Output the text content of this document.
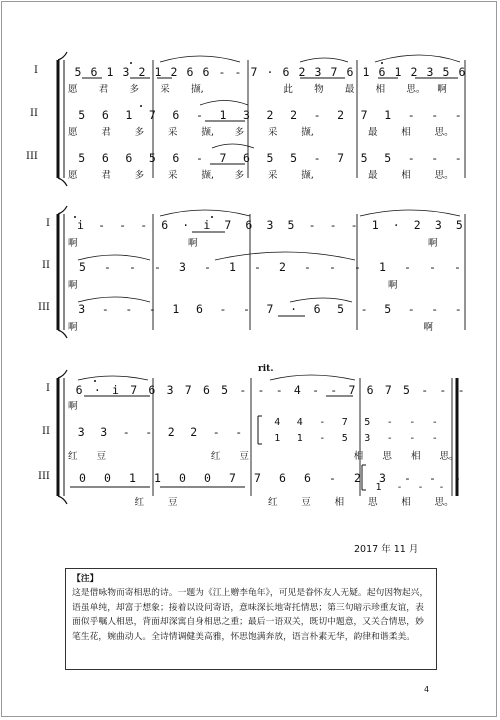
I
II
III
5 6 1 3 2 1 2 6 6 - - 7 · 6 2 3 7 6 1 6 1 2 3 5 6
愿	君	多	采	撷,	此	物	最	相	思。	啊
5	6	1	7	6	-	1	3	2	2	-	2	7	1	-	-	-
愿	君	多	采	撷,	多	采	撷,	最	相	思。
5	6	6	5	6	-	7	6	5	5	-	7	5	5	-	-	-
愿	君	多	采	撷,	多	采	撷,	最	相	思。
I
II
III
i	-	-	-	6	·	i	7	6	3	5	-	-	-	1	·	2	3	5
啊	啊	啊
5	-	-	-	3	-	1	-	2	-	-	-	1	-	-	-
啊	啊
3	-	-	-	1	6	-	-	7	·	6	5	-	5	-	-	-
啊	啊
rit.
I
II
III
6 · i 7 6 3 7 6 5 - - - 4 - - 7 6 7 5 - - -
啊
4	4	-	7	5	-	-	-
3	3	-	-	2	2	-	-	1	1	-	5	3	-	-	-
红	豆	红	豆	相	思	相	思。
0	0	1	1	0	0	7	7	6	6	-	2	3	-	-	-
1	-	-	-
红	豆	红	豆	相	思	相	思。
2017 年 11 月
【注】
这是借咏物而寄相思的诗。一题为《江上赠李龟年》，可见是眷怀友人无疑。起句因物起兴，语虽单纯，却富于想象；接着以设问寄语，意味深长地寄托情思；第三句暗示珍重友谊，表面似乎嘱人相思，背面却深寓自身相思之重；最后一语双关，既切中题意，又关合情思，妙笔生花，婉曲动人。全诗情调健美高雅，怀思饱满奔放，语言朴素无华，韵律和谐柔美。
4
